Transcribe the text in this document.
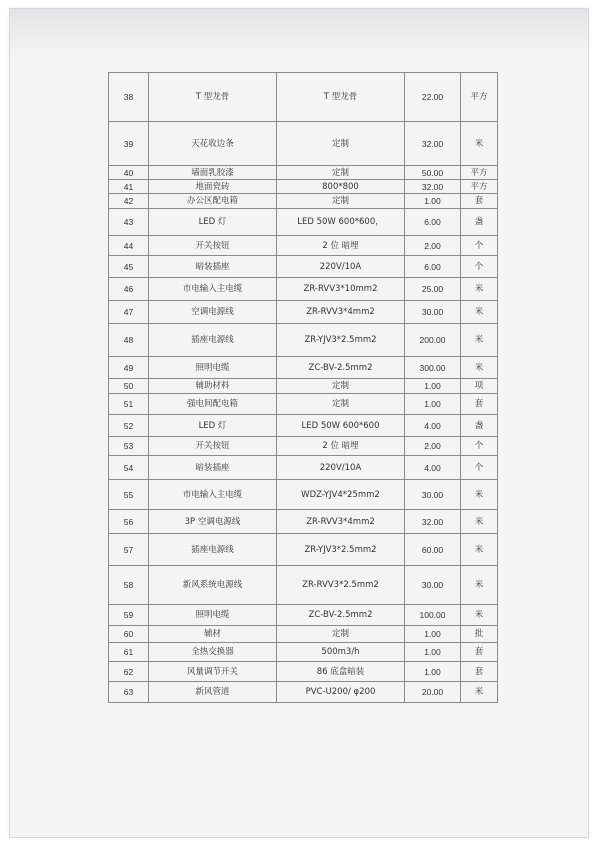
38	T 型龙骨	T 型龙骨	22.00	平方
39	天花收边条	定制	32.00	米
40	墙面乳胶漆	定制	50.00	平方
41	地面瓷砖	800*800	32.00	平方
42	办公区配电箱	定制	1.00	套
43	LED 灯	LED 50W 600*600，	6.00	盏
44	开关按钮	2 位 暗埋	2.00	个
45	暗装插座	220V/10A	6.00	个
46	市电输入主电缆	ZR-RVV3*10mm2	25.00	米
47	空调电源线	ZR-RVV3*4mm2	30.00	米
48	插座电源线	ZR-YJV3*2.5mm2	200.00	米
49	照明电缆	ZC-BV-2.5mm2	300.00	米
50	辅助材料	定制	1.00	项
51	强电间配电箱	定制	1.00	套
52	LED 灯	LED 50W 600*600	4.00	盏
53	开关按钮	2 位 暗埋	2.00	个
54	暗装插座	220V/10A	4.00	个
55	市电输入主电缆	WDZ-YJV4*25mm2	30.00	米
56	3P 空调电源线	ZR-RVV3*4mm2	32.00	米
57	插座电源线	ZR-YJV3*2.5mm2	60.00	米
58	新风系统电源线	ZR-RVV3*2.5mm2	30.00	米
59	照明电缆	ZC-BV-2.5mm2	100.00	米
60	辅材	定制	1.00	批
61	全热交换器	500m3/h	1.00	套
62	风量调节开关	86 底盒暗装	1.00	套
63	新风管道	PVC-U200/ φ200	20.00	米
